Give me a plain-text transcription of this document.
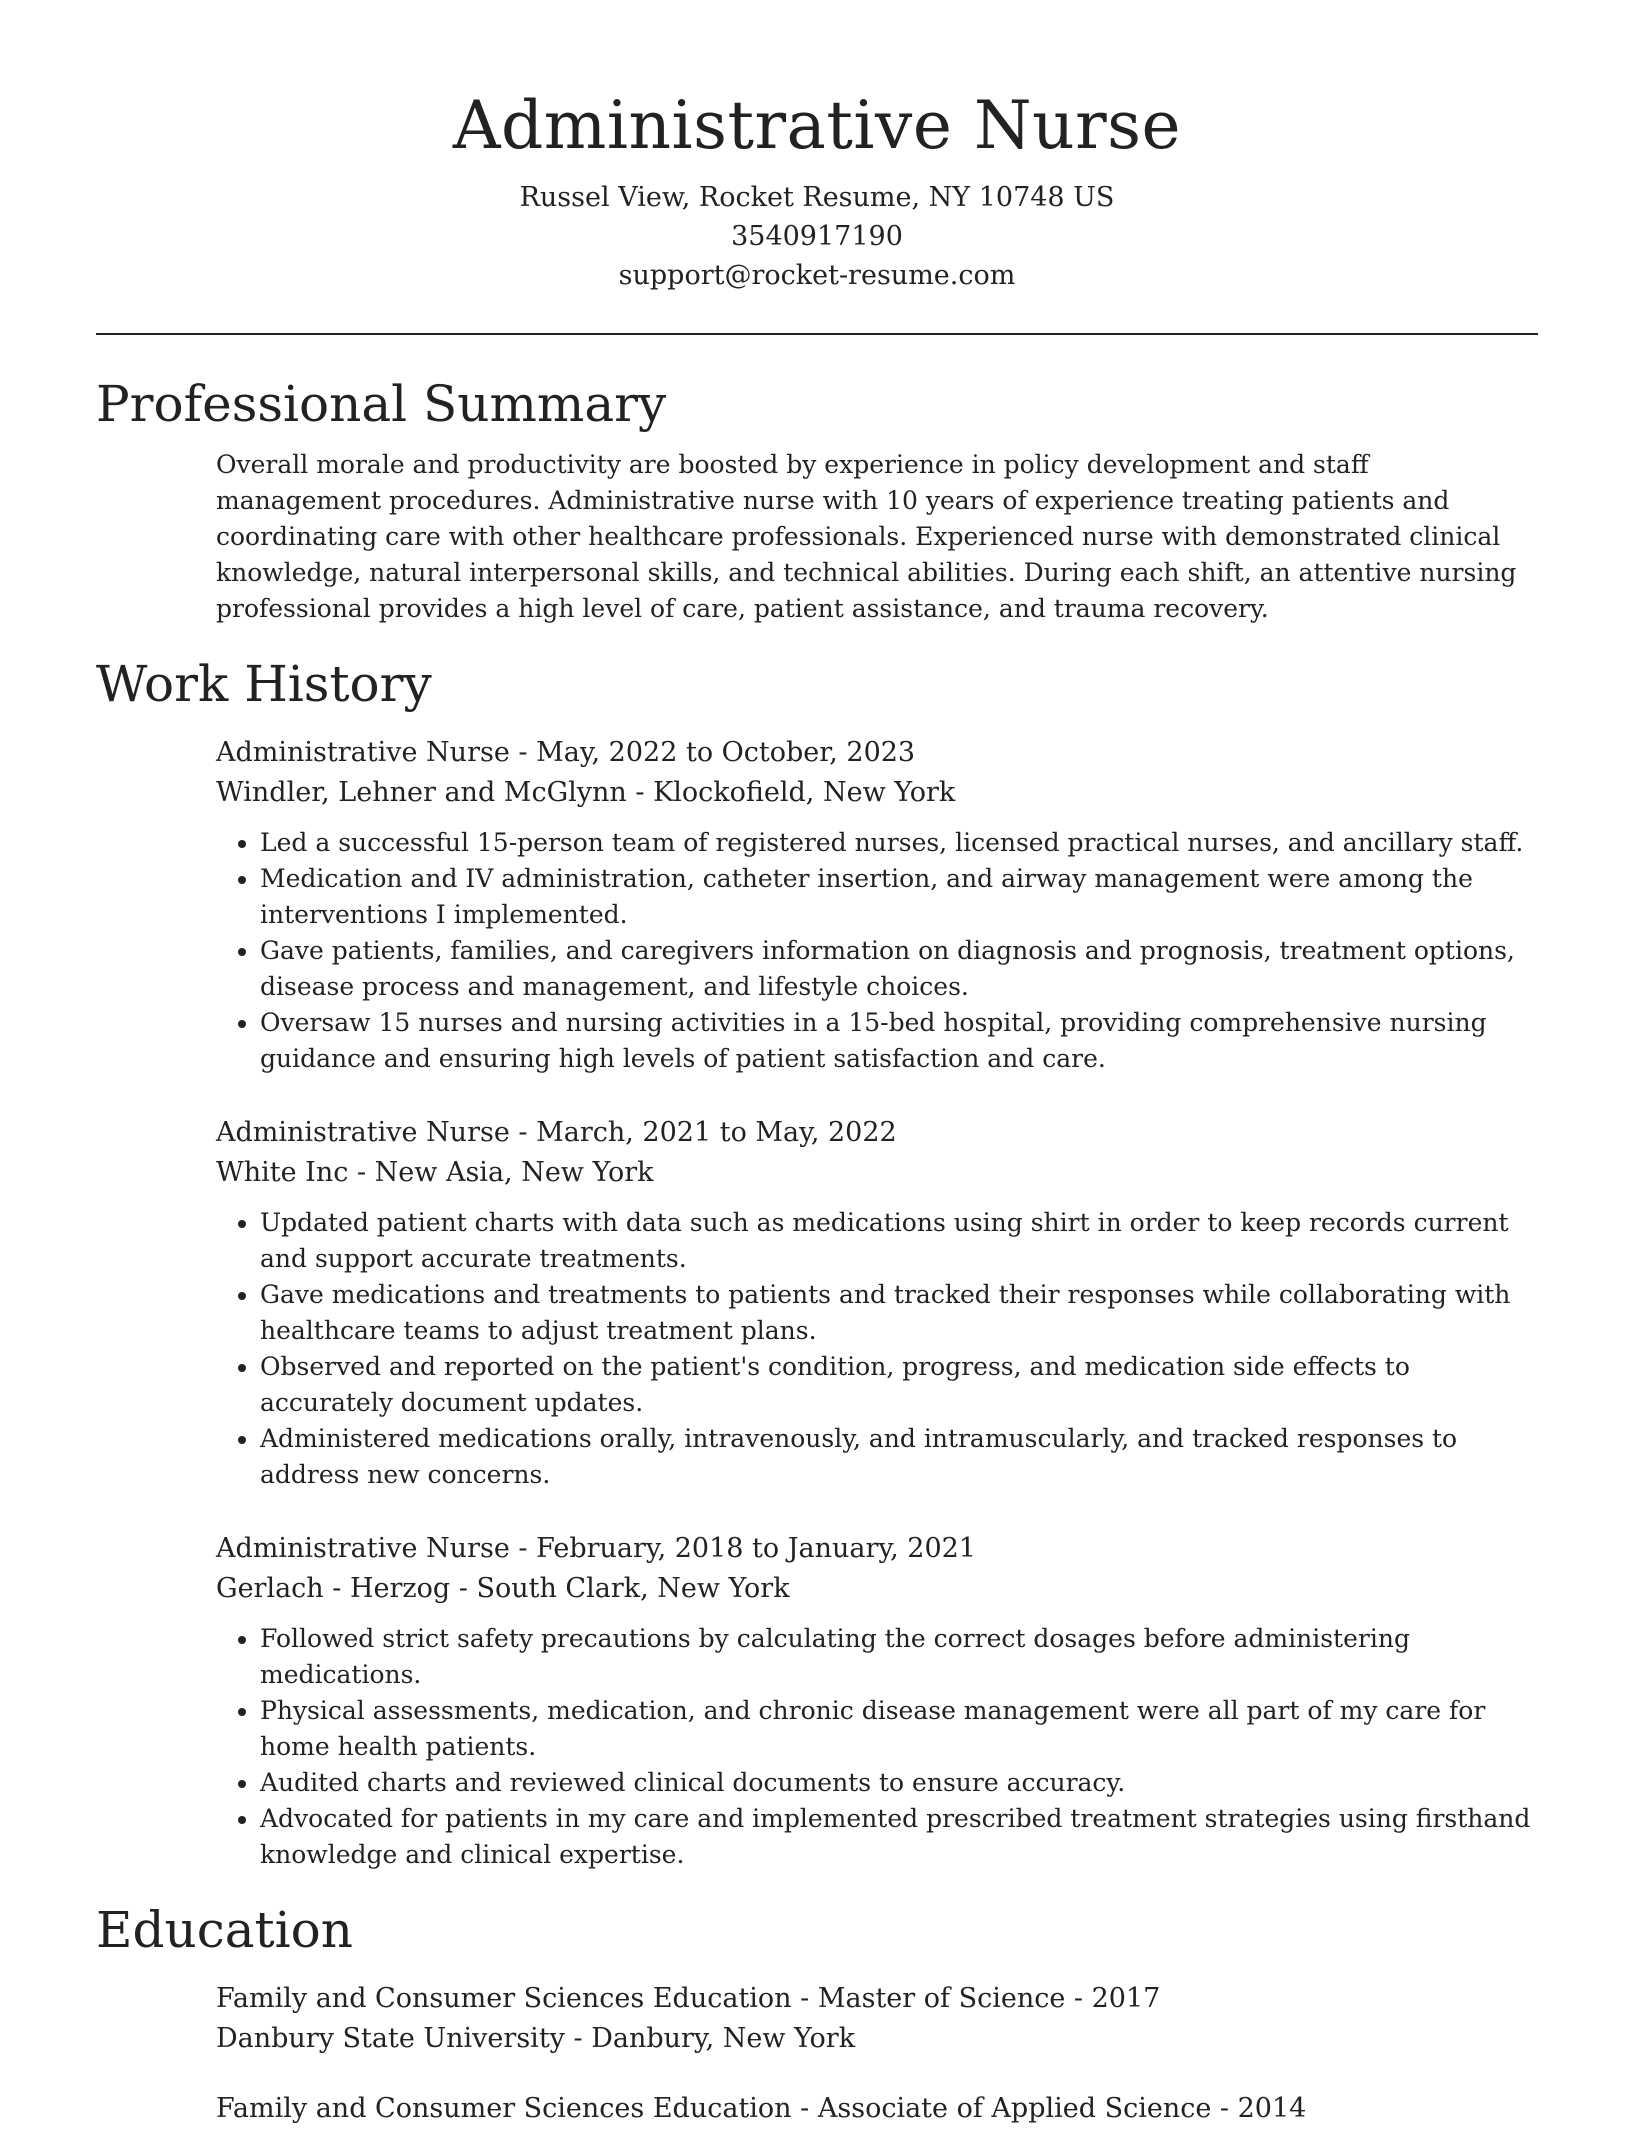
Administrative Nurse
Russel View, Rocket Resume, NY 10748 US
3540917190
support@rocket-resume.com
Professional Summary
Overall morale and productivity are boosted by experience in policy development and staff management procedures. Administrative nurse with 10 years of experience treating patients and coordinating care with other healthcare professionals. Experienced nurse with demonstrated clinical knowledge, natural interpersonal skills, and technical abilities. During each shift, an attentive nursing professional provides a high level of care, patient assistance, and trauma recovery.
Work History
Administrative Nurse - May, 2022 to October, 2023
Windler, Lehner and McGlynn - Klockofield, New York
• Led a successful 15-person team of registered nurses, licensed practical nurses, and ancillary staff.
• Medication and IV administration, catheter insertion, and airway management were among the interventions I implemented.
• Gave patients, families, and caregivers information on diagnosis and prognosis, treatment options, disease process and management, and lifestyle choices.
• Oversaw 15 nurses and nursing activities in a 15-bed hospital, providing comprehensive nursing guidance and ensuring high levels of patient satisfaction and care.
Administrative Nurse - March, 2021 to May, 2022
White Inc - New Asia, New York
• Updated patient charts with data such as medications using shirt in order to keep records current and support accurate treatments.
• Gave medications and treatments to patients and tracked their responses while collaborating with healthcare teams to adjust treatment plans.
• Observed and reported on the patient's condition, progress, and medication side effects to accurately document updates.
• Administered medications orally, intravenously, and intramuscularly, and tracked responses to address new concerns.
Administrative Nurse - February, 2018 to January, 2021
Gerlach - Herzog - South Clark, New York
• Followed strict safety precautions by calculating the correct dosages before administering medications.
• Physical assessments, medication, and chronic disease management were all part of my care for home health patients.
• Audited charts and reviewed clinical documents to ensure accuracy.
• Advocated for patients in my care and implemented prescribed treatment strategies using firsthand knowledge and clinical expertise.
Education
Family and Consumer Sciences Education - Master of Science - 2017
Danbury State University - Danbury, New York
Family and Consumer Sciences Education - Associate of Applied Science - 2014
